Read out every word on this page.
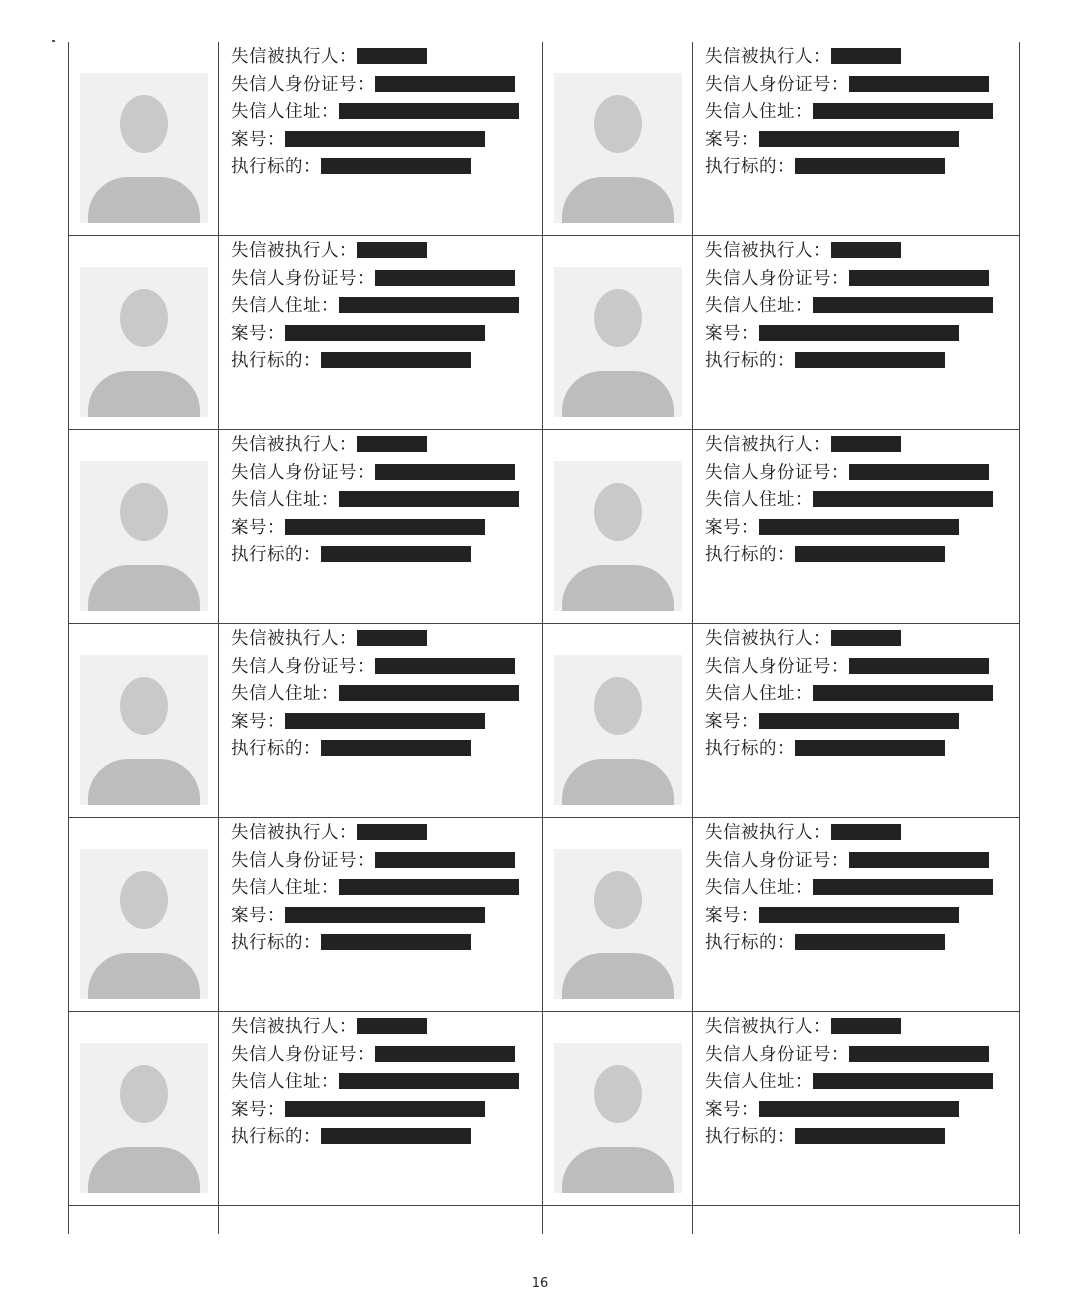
失信被执行人：
失信人身份证号：
失信人住址：
案号：
执行标的：
失信被执行人：
失信人身份证号：
失信人住址：
案号：
执行标的：
失信被执行人：
失信人身份证号：
失信人住址：
案号：
执行标的：
失信被执行人：
失信人身份证号：
失信人住址：
案号：
执行标的：
失信被执行人：
失信人身份证号：
失信人住址：
案号：
执行标的：
失信被执行人：
失信人身份证号：
失信人住址：
案号：
执行标的：
失信被执行人：
失信人身份证号：
失信人住址：
案号：
执行标的：
失信被执行人：
失信人身份证号：
失信人住址：
案号：
执行标的：
失信被执行人：
失信人身份证号：
失信人住址：
案号：
执行标的：
失信被执行人：
失信人身份证号：
失信人住址：
案号：
执行标的：
失信被执行人：
失信人身份证号：
失信人住址：
案号：
执行标的：
失信被执行人：
失信人身份证号：
失信人住址：
案号：
执行标的：
16
